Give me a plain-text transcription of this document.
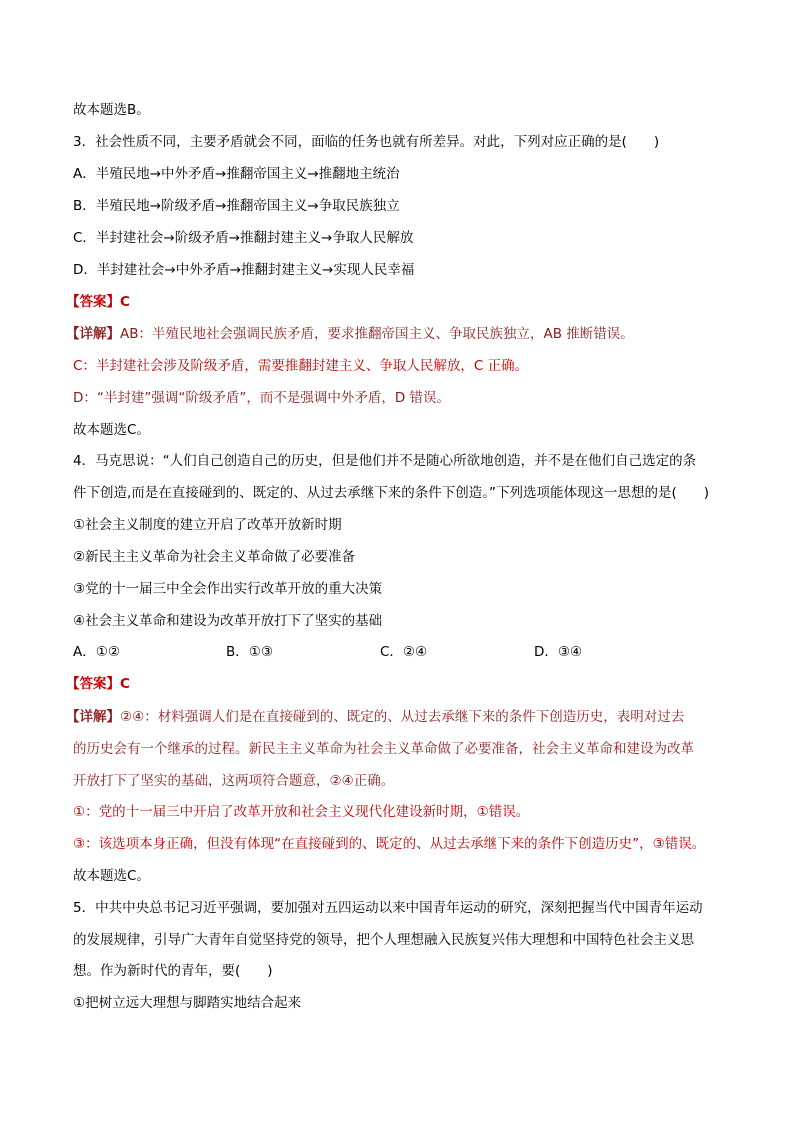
故本题选B。
3．社会性质不同，主要矛盾就会不同，面临的任务也就有所差异。对此，下列对应正确的是(　　)
A．半殖民地→中外矛盾→推翻帝国主义→推翻地主统治
B．半殖民地→阶级矛盾→推翻帝国主义→争取民族独立
C．半封建社会→阶级矛盾→推翻封建主义→争取人民解放
D．半封建社会→中外矛盾→推翻封建主义→实现人民幸福
【答案】C
【详解】AB：半殖民地社会强调民族矛盾，要求推翻帝国主义、争取民族独立，AB 推断错误。
C：半封建社会涉及阶级矛盾，需要推翻封建主义、争取人民解放，C 正确。
D：“半封建”强调“阶级矛盾”，而不是强调中外矛盾，D 错误。
故本题选C。
4．马克思说：“人们自己创造自己的历史，但是他们并不是随心所欲地创造，并不是在他们自己选定的条
件下创造,而是在直接碰到的、既定的、从过去承继下来的条件下创造。”下列选项能体现这一思想的是(　　)
①社会主义制度的建立开启了改革开放新时期
②新民主主义革命为社会主义革命做了必要准备
③党的十一届三中全会作出实行改革开放的重大决策
④社会主义革命和建设为改革开放打下了坚实的基础
A．①②	B．①③	C．②④	D．③④
【答案】C
【详解】②④：材料强调人们是在直接碰到的、既定的、从过去承继下来的条件下创造历史，表明对过去
的历史会有一个继承的过程。新民主主义革命为社会主义革命做了必要准备，社会主义革命和建设为改革
开放打下了坚实的基础，这两项符合题意，②④正确。
①：党的十一届三中开启了改革开放和社会主义现代化建设新时期，①错误。
③：该选项本身正确，但没有体现“在直接碰到的、既定的、从过去承继下来的条件下创造历史”，③错误。
故本题选C。
5．中共中央总书记习近平强调，要加强对五四运动以来中国青年运动的研究，深刻把握当代中国青年运动
的发展规律，引导广大青年自觉坚持党的领导，把个人理想融入民族复兴伟大理想和中国特色社会主义思
想。作为新时代的青年，要(　　)
①把树立远大理想与脚踏实地结合起来
